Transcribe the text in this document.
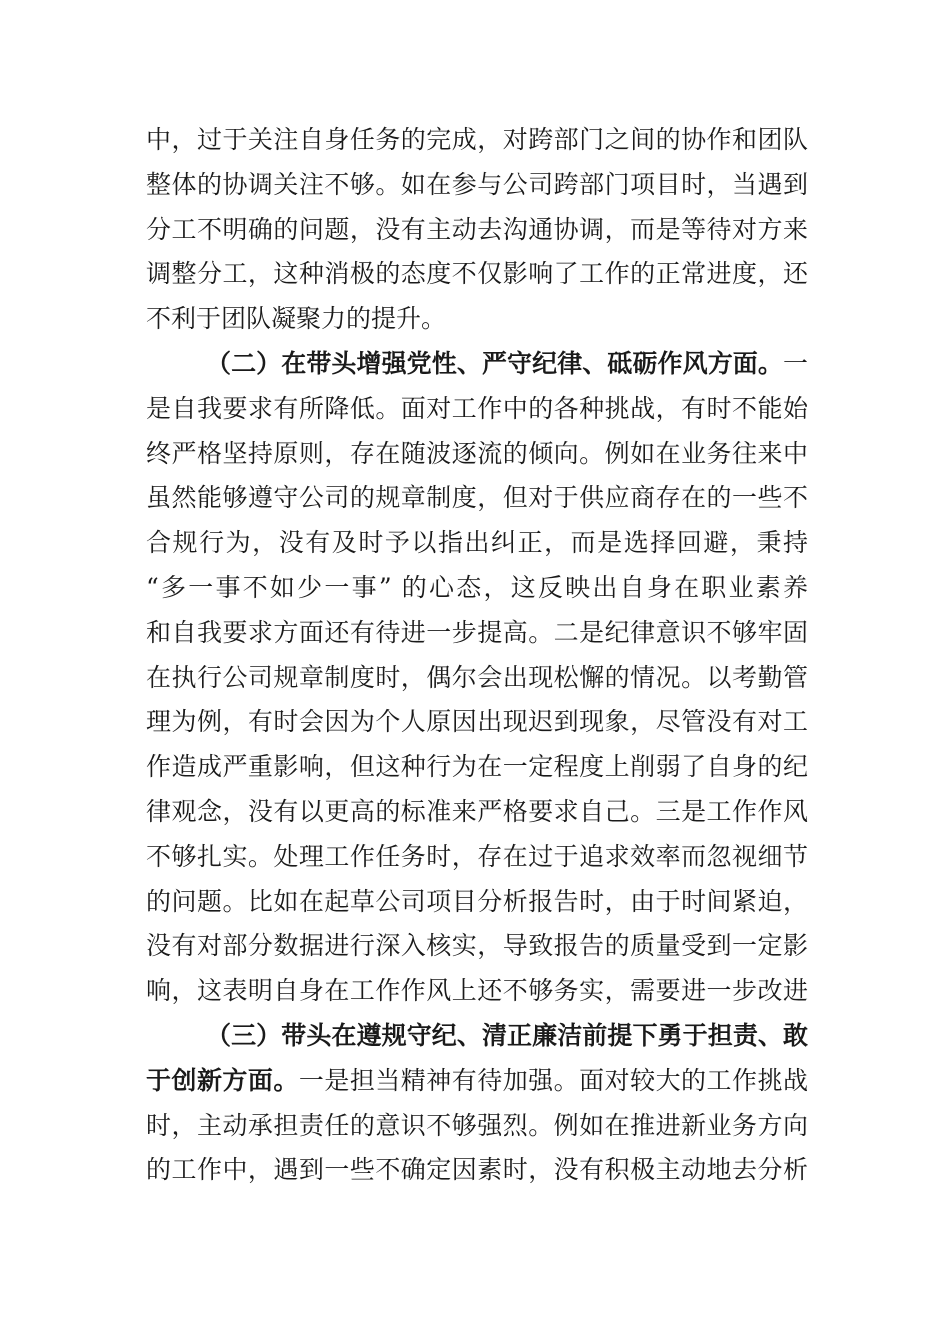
中，过于关注自身任务的完成，对跨部门之间的协作和团队
整体的协调关注不够。如在参与公司跨部门项目时，当遇到
分工不明确的问题，没有主动去沟通协调，而是等待对方来
调整分工，这种消极的态度不仅影响了工作的正常进度，还
不利于团队凝聚力的提升。
（二）在带头增强党性、严守纪律、砥砺作风方面。一
是自我要求有所降低。面对工作中的各种挑战，有时不能始
终严格坚持原则，存在随波逐流的倾向。例如在业务往来中
虽然能够遵守公司的规章制度，但对于供应商存在的一些不
合规行为，没有及时予以指出纠正，而是选择回避，秉持
“多一事不如少一事” 的心态，这反映出自身在职业素养
和自我要求方面还有待进一步提高。二是纪律意识不够牢固
在执行公司规章制度时，偶尔会出现松懈的情况。以考勤管
理为例，有时会因为个人原因出现迟到现象，尽管没有对工
作造成严重影响，但这种行为在一定程度上削弱了自身的纪
律观念，没有以更高的标准来严格要求自己。三是工作作风
不够扎实。处理工作任务时，存在过于追求效率而忽视细节
的问题。比如在起草公司项目分析报告时，由于时间紧迫，
没有对部分数据进行深入核实，导致报告的质量受到一定影
响，这表明自身在工作作风上还不够务实，需要进一步改进
（三）带头在遵规守纪、清正廉洁前提下勇于担责、敢
于创新方面。一是担当精神有待加强。面对较大的工作挑战
时，主动承担责任的意识不够强烈。例如在推进新业务方向
的工作中，遇到一些不确定因素时，没有积极主动地去分析
